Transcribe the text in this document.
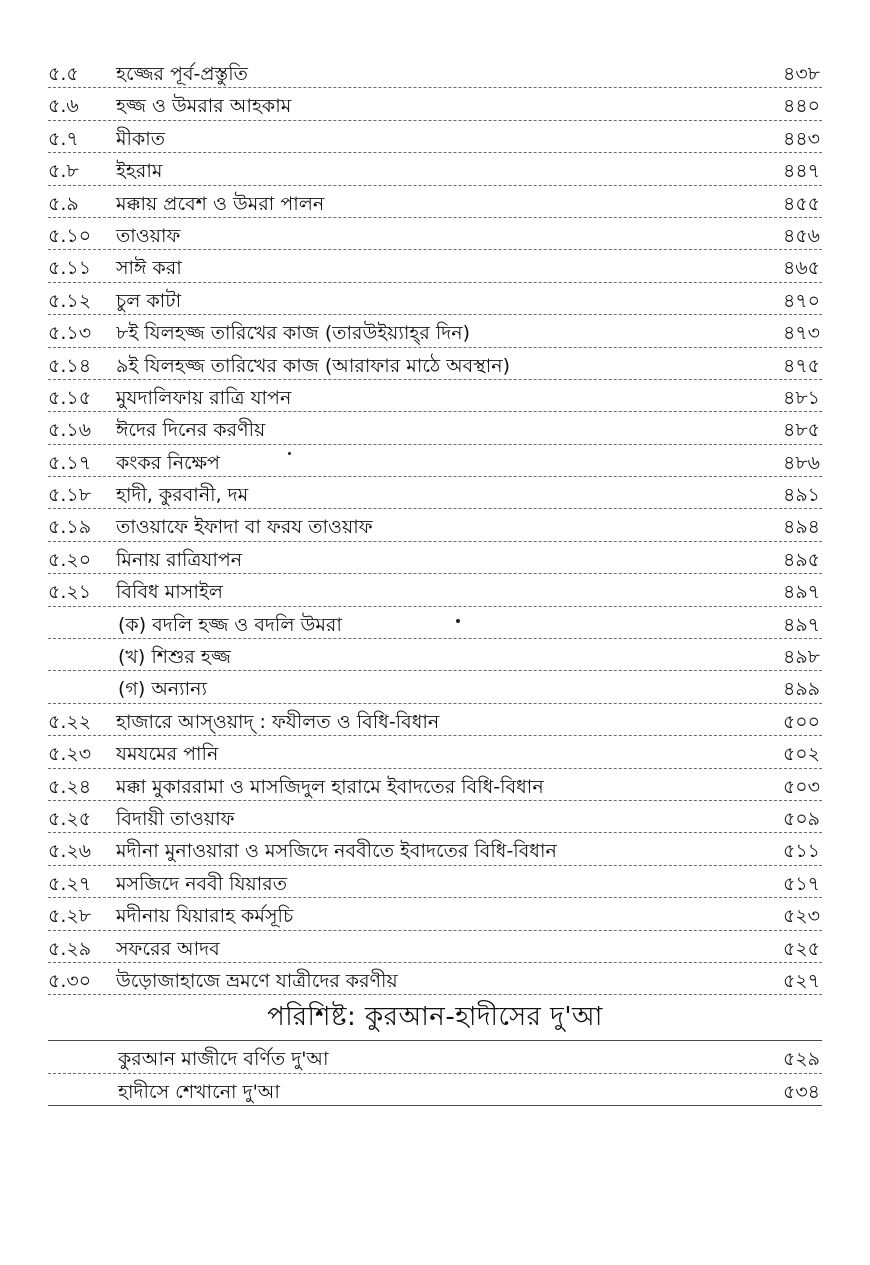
৫.৫ হজ্জের পূর্ব-প্রস্তুতি	৪৩৮
৫.৬ হজ্জ ও উমরার আহকাম	৪৪০
৫.৭ মীকাত	৪৪৩
৫.৮ ইহরাম	৪৪৭
৫.৯ মক্কায় প্রবেশ ও উমরা পালন	৪৫৫
৫.১০ তাওয়াফ	৪৫৬
৫.১১ সাঈ করা	৪৬৫
৫.১২ চুল কাটা	৪৭০
৫.১৩ ৮ই যিলহজ্জ তারিখের কাজ (তারউইয়্যাহ্‌র দিন)	৪৭৩
৫.১৪ ৯ই যিলহজ্জ তারিখের কাজ (আরাফার মাঠে অবস্থান)	৪৭৫
৫.১৫ মুযদালিফায় রাত্রি যাপন	৪৮১
৫.১৬ ঈদের দিনের করণীয়	৪৮৫
৫.১৭ কংকর নিক্ষেপ	৪৮৬
৫.১৮ হাদী, কুরবানী, দম	৪৯১
৫.১৯ তাওয়াফে ইফাদা বা ফরয তাওয়াফ	৪৯৪
৫.২০ মিনায় রাত্রিযাপন	৪৯৫
৫.২১ বিবিধ মাসাইল	৪৯৭
(ক) বদলি হজ্জ ও বদলি উমরা	৪৯৭
(খ) শিশুর হজ্জ	৪৯৮
(গ) অন্যান্য	৪৯৯
৫.২২ হাজারে আস্‌ওয়াদ্‌ : ফযীলত ও বিধি-বিধান	৫০০
৫.২৩ যমযমের পানি	৫০২
৫.২৪ মক্কা মুকাররামা ও মাসজিদুল হারামে ইবাদতের বিধি-বিধান	৫০৩
৫.২৫ বিদায়ী তাওয়াফ	৫০৯
৫.২৬ মদীনা মুনাওয়ারা ও মসজিদে নববীতে ইবাদতের বিধি-বিধান	৫১১
৫.২৭ মসজিদে নববী যিয়ারত	৫১৭
৫.২৮ মদীনায় যিয়ারাহ কর্মসূচি	৫২৩
৫.২৯ সফরের আদব	৫২৫
৫.৩০ উড়োজাহাজে ভ্রমণে যাত্রীদের করণীয়	৫২৭
পরিশিষ্ট: কুরআন-হাদীসের দু'আ
কুরআন মাজীদে বর্ণিত দু'আ	৫২৯
হাদীসে শেখানো দু'আ	৫৩৪
